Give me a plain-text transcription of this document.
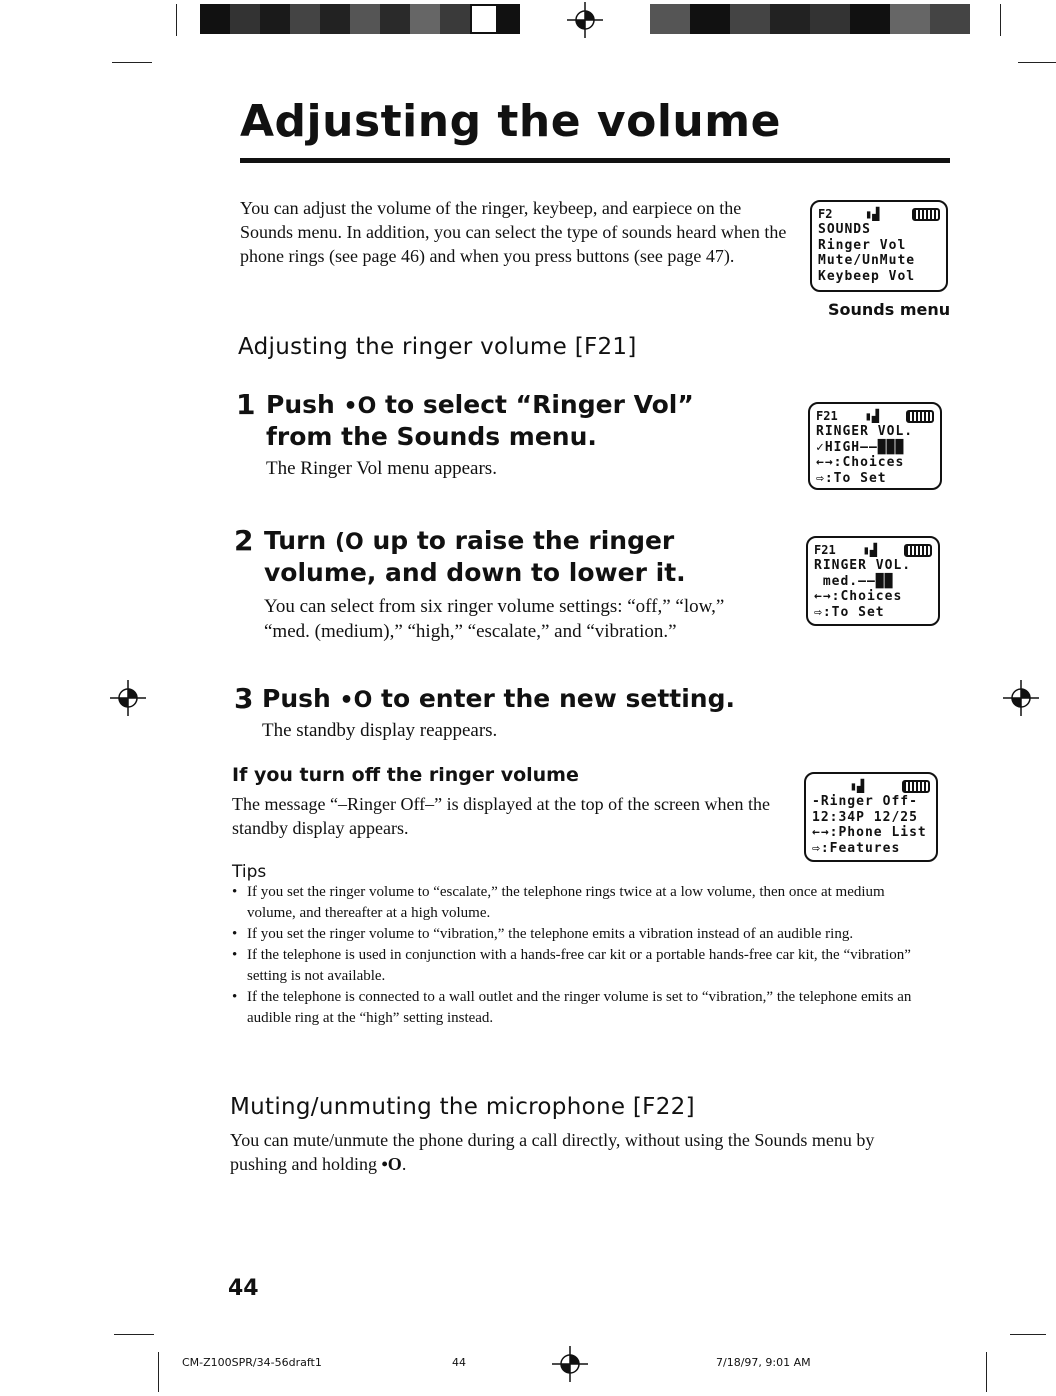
Adjusting the volume

You can adjust the volume of the ringer, keybeep, and earpiece on the Sounds menu. In addition, you can select the type of sounds heard when the phone rings (see page 46) and when you press buttons (see page 47).

F2	▮▟
SOUNDS
Ringer Vol
Mute/UnMute
Keybeep Vol
Sounds menu
Adjusting the ringer volume [F21]
1 Push •O to select “Ringer Vol” from the Sounds menu.

The Ringer Vol menu appears.

F21 ▮▟
RINGER VOL.
✓HIGH‒‒███
←→:Choices
⇨:To Set
2 Turn (O up to raise the ringer volume, and down to lower it.

You can select from six ringer volume settings: “off,” “low,” “med. (medium),” “high,” “escalate,” and “vibration.”

F21 ▮▟
RINGER VOL.
med.‒‒██
←→:Choices
⇨:To Set
3 Push •O to enter the new setting.

The standby display reappears.

If you turn off the ringer volume

The message “–Ringer Off–” is displayed at the top of the screen when the standby display appears.

▮▟
-Ringer Off-
12:34P 12/25
←→:Phone List
⇨:Features

Tips

• If you set the ringer volume to “escalate,” the telephone rings twice at a low volume, then once at medium volume, and thereafter at a high volume.
• If you set the ringer volume to “vibration,” the telephone emits a vibration instead of an audible ring.
• If the telephone is used in conjunction with a hands-free car kit or a portable hands-free car kit, the “vibration” setting is not available.
• If the telephone is connected to a wall outlet and the ringer volume is set to “vibration,” the telephone emits an audible ring at the “high” setting instead.
Muting/unmuting the microphone [F22]

You can mute/unmute the phone during a call directly, without using the Sounds menu by pushing and holding •O.

44
CM-Z100SPR/34-56draft1	44	7/18/97, 9:01 AM
